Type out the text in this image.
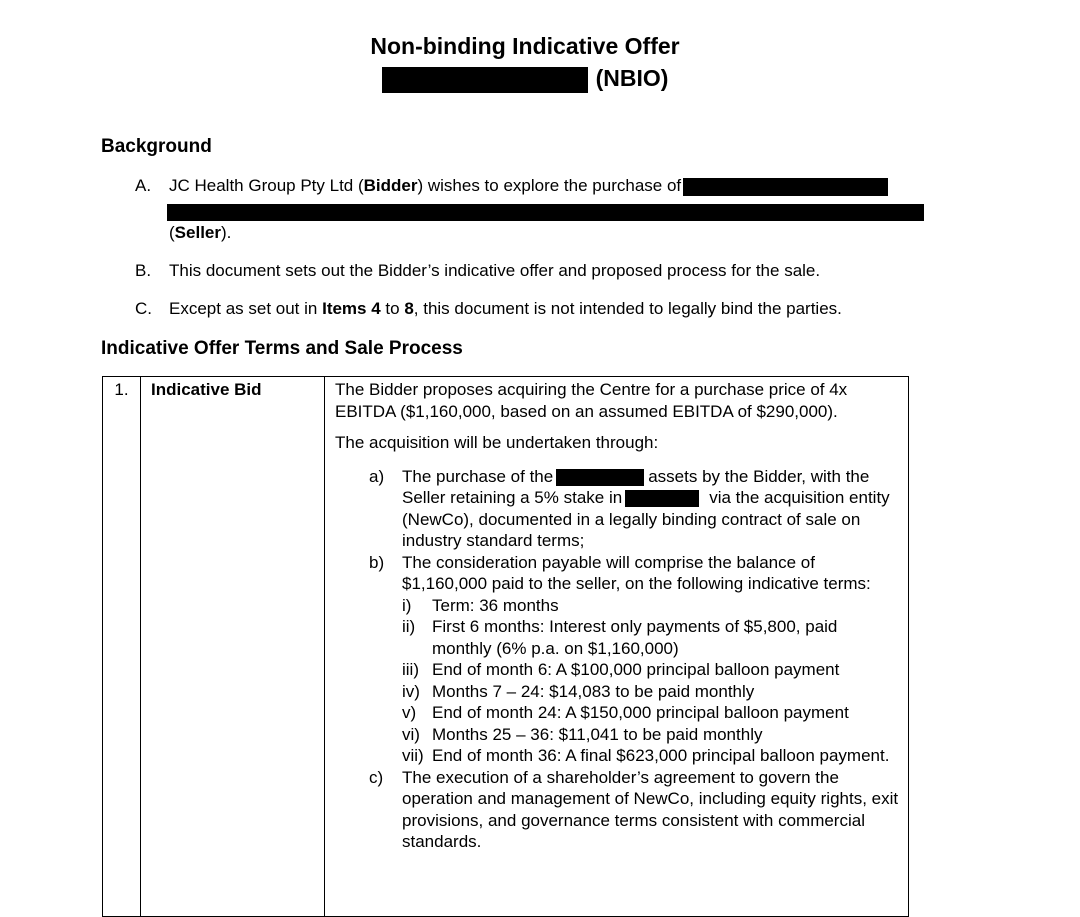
Non-binding Indicative Offer
(NBIO)
Background
A. JC Health Group Pty Ltd (Bidder) wishes to explore the purchase of
(Seller).
B. This document sets out the Bidder’s indicative offer and proposed process for the sale.
C. Except as set out in Items 4 to 8, this document is not intended to legally bind the parties.
Indicative Offer Terms and Sale Process
1.	Indicative Bid	The Bidder proposes acquiring the Centre for a purchase price of 4x EBITDA ($1,160,000, based on an assumed EBITDA of $290,000).

The acquisition will be undertaken through:

a)	The purchase of the	assets by the Bidder, with the Seller retaining a 5% stake in	via the acquisition entity (NewCo), documented in a legally binding contract of sale on industry standard terms;
b)	The consideration payable will comprise the balance of $1,160,000 paid to the seller, on the following indicative terms:
i)	Term: 36 months
ii) First 6 months: Interest only payments of $5,800, paid monthly (6% p.a. on $1,160,000)
iii) End of month 6: A $100,000 principal balloon payment
iv) Months 7 – 24: $14,083 to be paid monthly
v) End of month 24: A $150,000 principal balloon payment
vi) Months 25 – 36: $11,041 to be paid monthly
vii) End of month 36: A final $623,000 principal balloon payment.
c)	The execution of a shareholder’s agreement to govern the operation and management of NewCo, including equity rights, exit provisions, and governance terms consistent with commercial standards.
